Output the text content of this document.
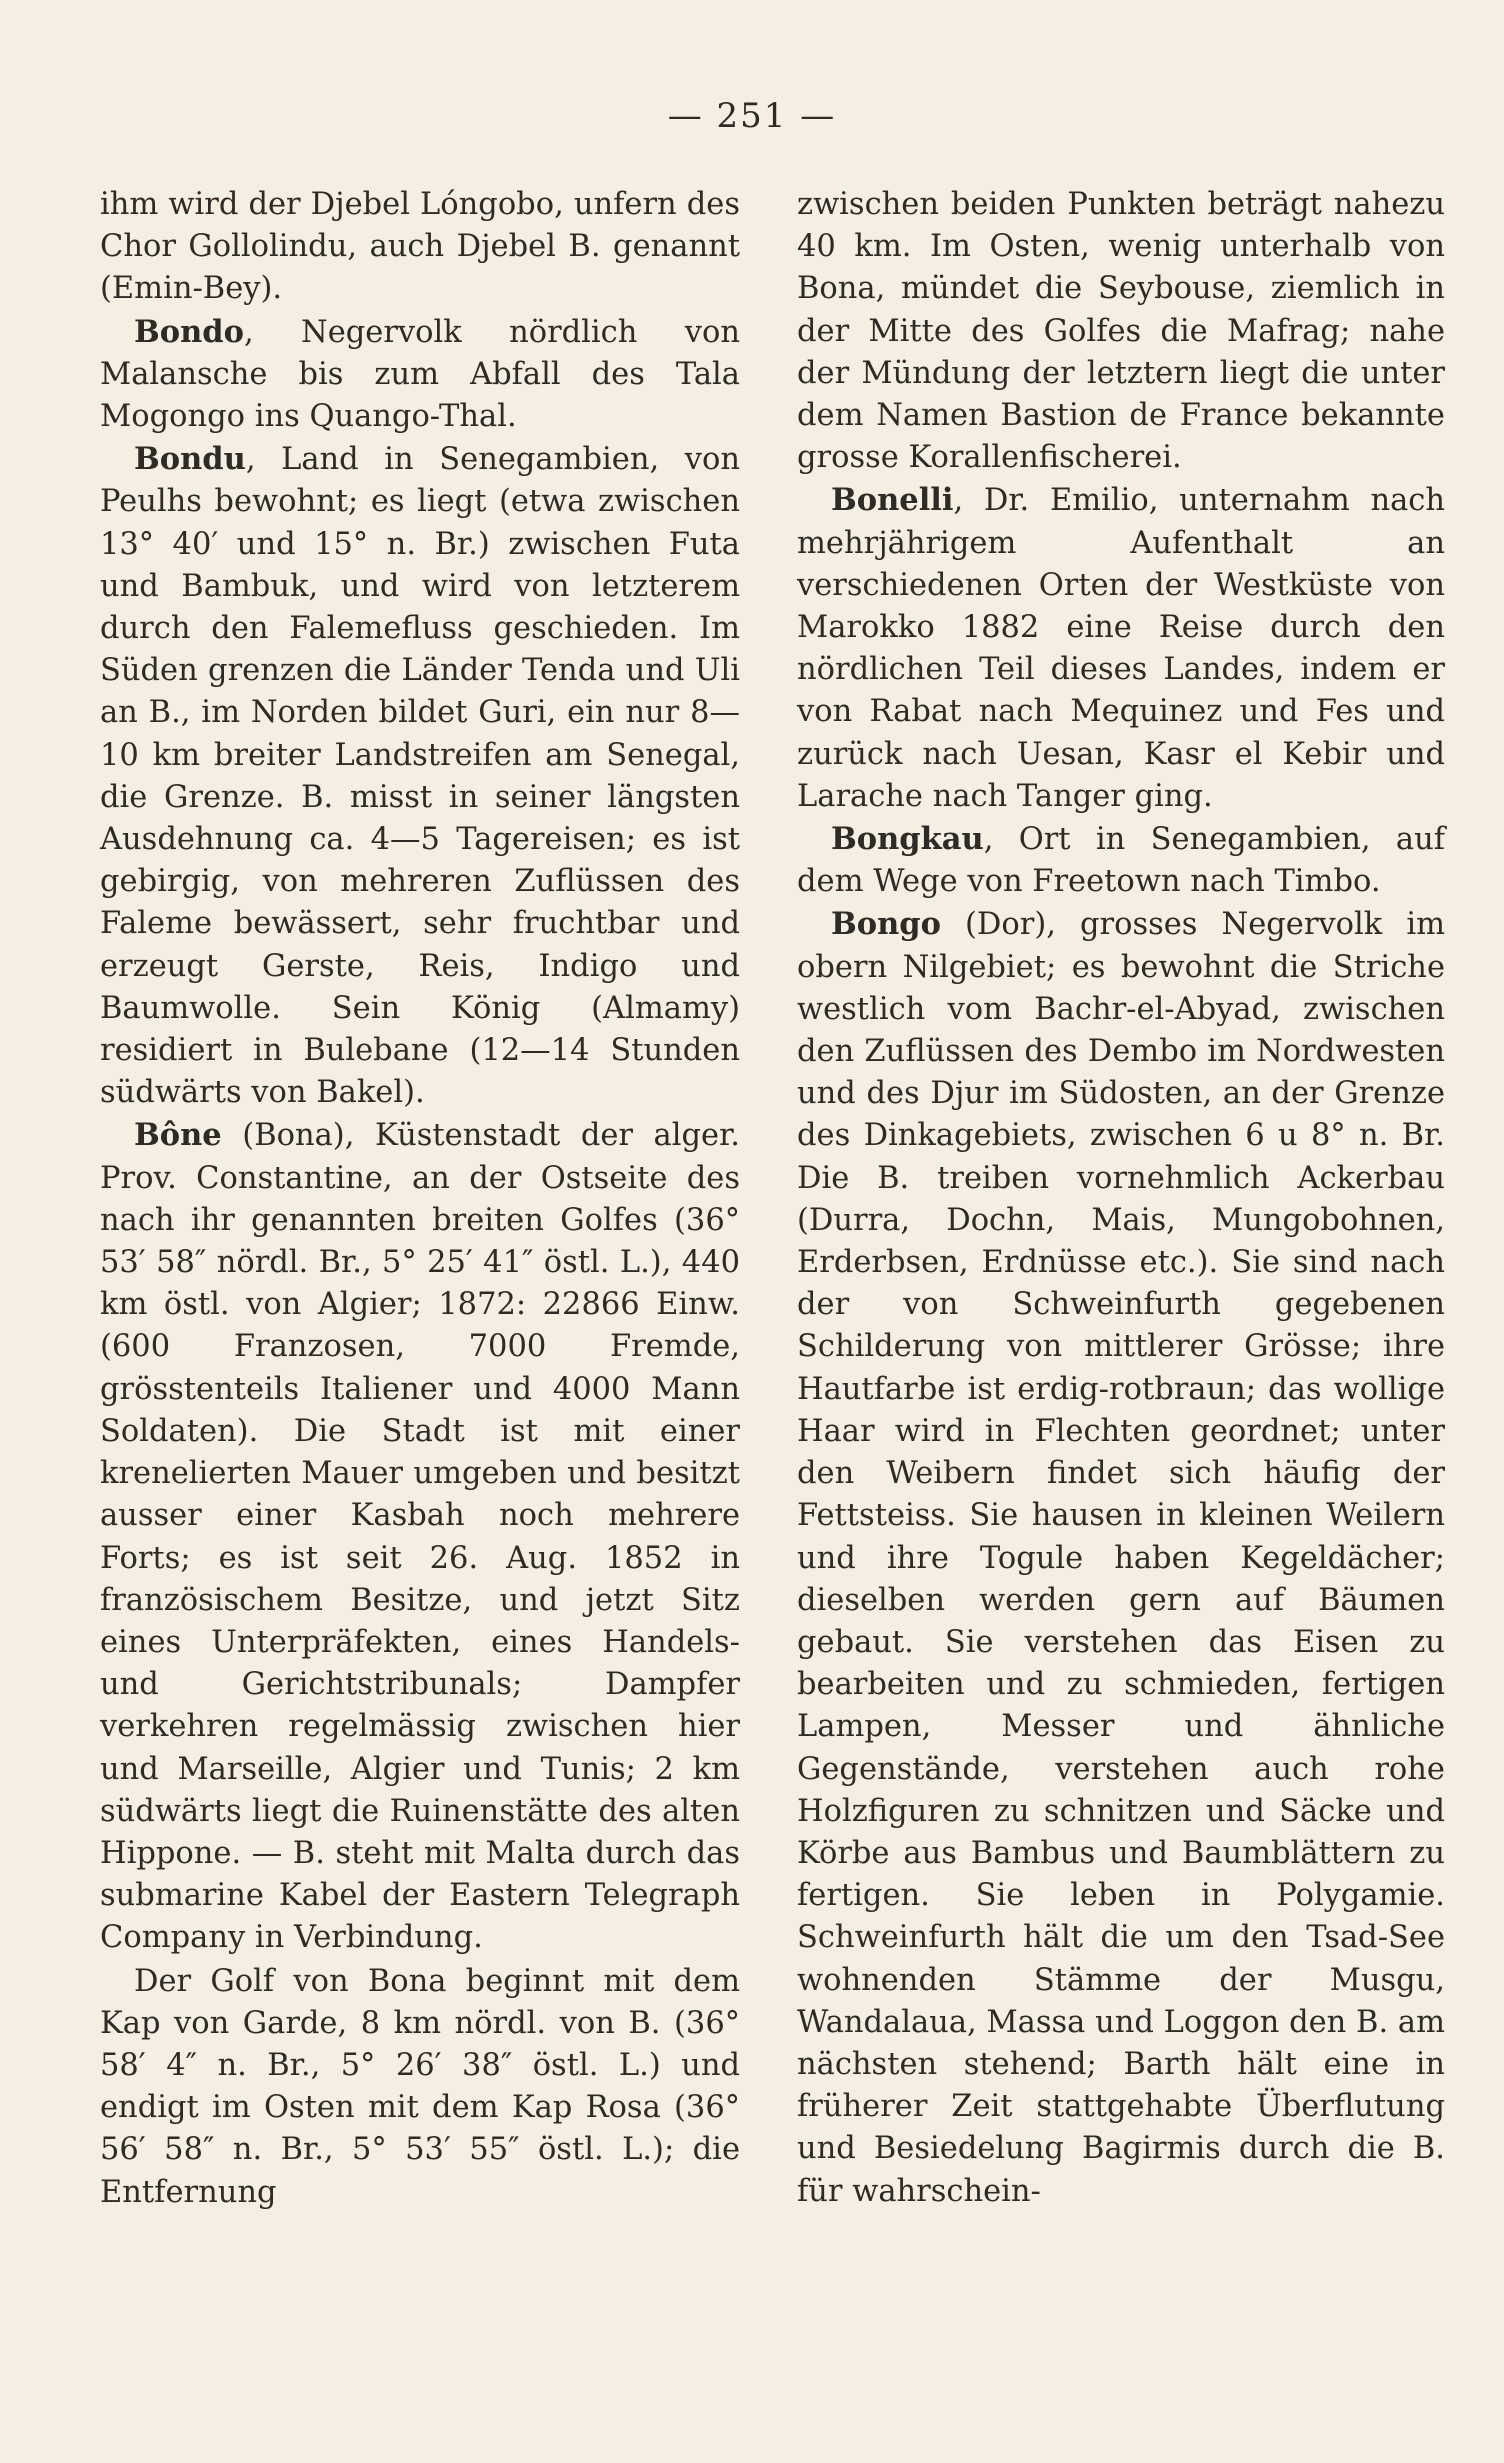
— 251 —

ihm wird der Djebel Lóngobo, unfern des Chor Gollolindu, auch Djebel B. genannt (Emin-Bey).

Bondo, Negervolk nördlich von Malansche bis zum Abfall des Tala Mogongo ins Quango-Thal.

Bondu, Land in Senegambien, von Peulhs bewohnt; es liegt (etwa zwischen 13° 40′ und 15° n. Br.) zwischen Futa und Bambuk, und wird von letzterem durch den Falemefluss geschieden. Im Süden grenzen die Länder Tenda und Uli an B., im Norden bildet Guri, ein nur 8—10 km breiter Landstreifen am Senegal, die Grenze. B. misst in seiner längsten Ausdehnung ca. 4—5 Tagereisen; es ist gebirgig, von mehreren Zuflüssen des Faleme bewässert, sehr fruchtbar und erzeugt Gerste, Reis, Indigo und Baumwolle. Sein König (Almamy) residiert in Bulebane (12—14 Stunden südwärts von Bakel).

Bône (Bona), Küstenstadt der alger. Prov. Constantine, an der Ostseite des nach ihr genannten breiten Golfes (36° 53′ 58″ nördl. Br., 5° 25′ 41″ östl. L.), 440 km östl. von Algier; 1872: 22866 Einw. (600 Franzosen, 7000 Fremde, grösstenteils Italiener und 4000 Mann Soldaten). Die Stadt ist mit einer krenelierten Mauer umgeben und besitzt ausser einer Kasbah noch mehrere Forts; es ist seit 26. Aug. 1852 in französischem Besitze, und jetzt Sitz eines Unterpräfekten, eines Handels- und Gerichtstribunals; Dampfer verkehren regelmässig zwischen hier und Marseille, Algier und Tunis; 2 km südwärts liegt die Ruinenstätte des alten Hippone. — B. steht mit Malta durch das submarine Kabel der Eastern Telegraph Company in Verbindung.

Der Golf von Bona beginnt mit dem Kap von Garde, 8 km nördl. von B. (36° 58′ 4″ n. Br., 5° 26′ 38″ östl. L.) und endigt im Osten mit dem Kap Rosa (36° 56′ 58″ n. Br., 5° 53′ 55″ östl. L.); die Entfernung

zwischen beiden Punkten beträgt nahezu 40 km. Im Osten, wenig unterhalb von Bona, mündet die Seybouse, ziemlich in der Mitte des Golfes die Mafrag; nahe der Mündung der letztern liegt die unter dem Namen Bastion de France bekannte grosse Korallenfischerei.

Bonelli, Dr. Emilio, unternahm nach mehrjährigem Aufenthalt an verschiedenen Orten der Westküste von Marokko 1882 eine Reise durch den nördlichen Teil dieses Landes, indem er von Rabat nach Mequinez und Fes und zurück nach Uesan, Kasr el Kebir und Larache nach Tanger ging.

Bongkau, Ort in Senegambien, auf dem Wege von Freetown nach Timbo.

Bongo (Dor), grosses Negervolk im obern Nilgebiet; es bewohnt die Striche westlich vom Bachr-el-Abyad, zwischen den Zuflüssen des Dembo im Nordwesten und des Djur im Südosten, an der Grenze des Dinkagebiets, zwischen 6 u 8° n. Br. Die B. treiben vornehmlich Ackerbau (Durra, Dochn, Mais, Mungobohnen, Erderbsen, Erdnüsse etc.). Sie sind nach der von Schweinfurth gegebenen Schilderung von mittlerer Grösse; ihre Hautfarbe ist erdig-rotbraun; das wollige Haar wird in Flechten geordnet; unter den Weibern findet sich häufig der Fettsteiss. Sie hausen in kleinen Weilern und ihre Togule haben Kegeldächer; dieselben werden gern auf Bäumen gebaut. Sie verstehen das Eisen zu bearbeiten und zu schmieden, fertigen Lampen, Messer und ähnliche Gegenstände, verstehen auch rohe Holzfiguren zu schnitzen und Säcke und Körbe aus Bambus und Baumblättern zu fertigen. Sie leben in Polygamie. Schweinfurth hält die um den Tsad-See wohnenden Stämme der Musgu, Wandalaua, Massa und Loggon den B. am nächsten stehend; Barth hält eine in früherer Zeit stattgehabte Überflutung und Besiedelung Bagirmis durch die B. für wahrschein-
